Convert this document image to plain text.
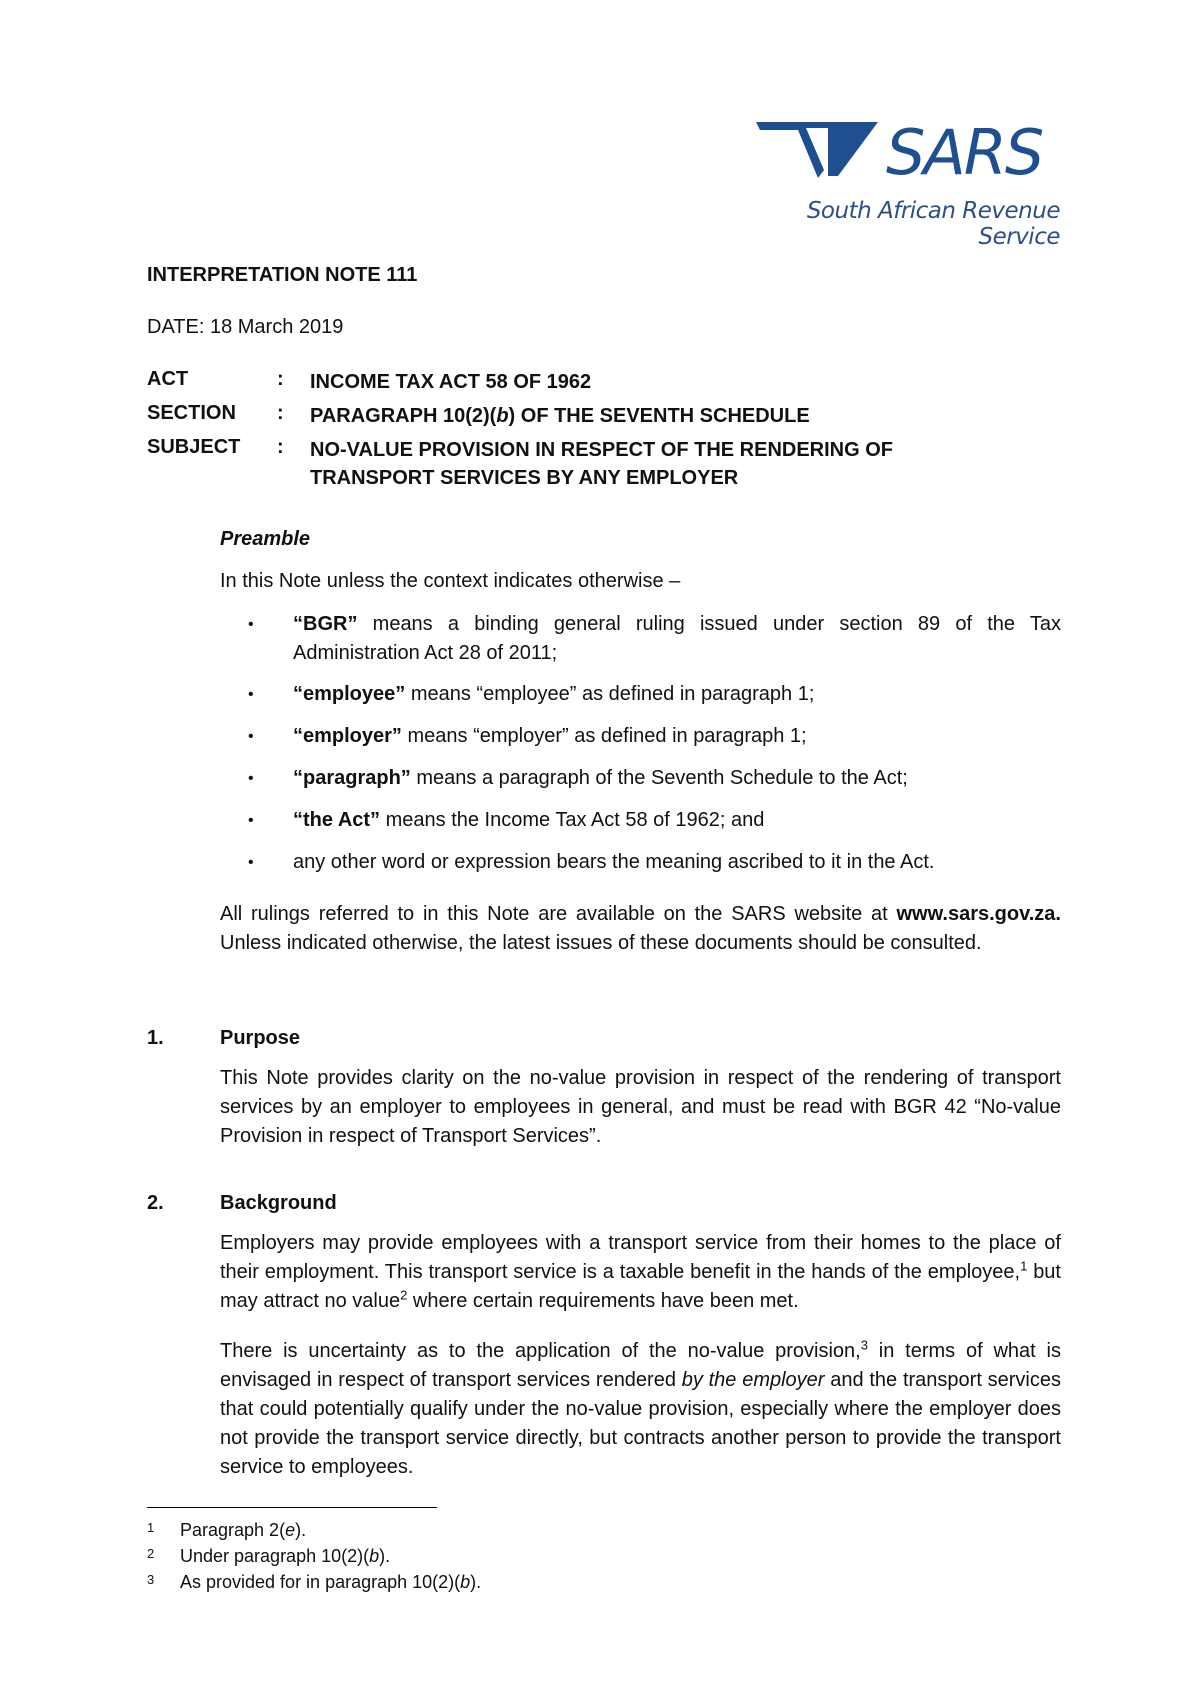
SARS
South African Revenue Service
INTERPRETATION NOTE 111
DATE: 18 March 2019
ACT	:	INCOME TAX ACT 58 OF 1962
SECTION	:	PARAGRAPH 10(2)(b) OF THE SEVENTH SCHEDULE
SUBJECT	:	NO-VALUE PROVISION IN RESPECT OF THE RENDERING OF TRANSPORT SERVICES BY ANY EMPLOYER
Preamble
In this Note unless the context indicates otherwise –
•	“BGR” means a binding general ruling issued under section 89 of the Tax Administration Act 28 of 2011;
•	“employee” means “employee” as defined in paragraph 1;
•	“employer” means “employer” as defined in paragraph 1;
•	“paragraph” means a paragraph of the Seventh Schedule to the Act;
•	“the Act” means the Income Tax Act 58 of 1962; and
•	any other word or expression bears the meaning ascribed to it in the Act.
All rulings referred to in this Note are available on the SARS website at www.sars.gov.za. Unless indicated otherwise, the latest issues of these documents should be consulted.
1.	Purpose
This Note provides clarity on the no-value provision in respect of the rendering of transport services by an employer to employees in general, and must be read with BGR 42 “No-value Provision in respect of Transport Services”.
2.	Background
Employers may provide employees with a transport service from their homes to the place of their employment. This transport service is a taxable benefit in the hands of the employee,$^1$ but may attract no value$^2$ where certain requirements have been met.
There is uncertainty as to the application of the no-value provision,$^3$ in terms of what is envisaged in respect of transport services rendered by the employer and the transport services that could potentially qualify under the no-value provision, especially where the employer does not provide the transport service directly, but contracts another person to provide the transport service to employees.
1	Paragraph 2(e).
2	Under paragraph 10(2)(b).
3	As provided for in paragraph 10(2)(b).
